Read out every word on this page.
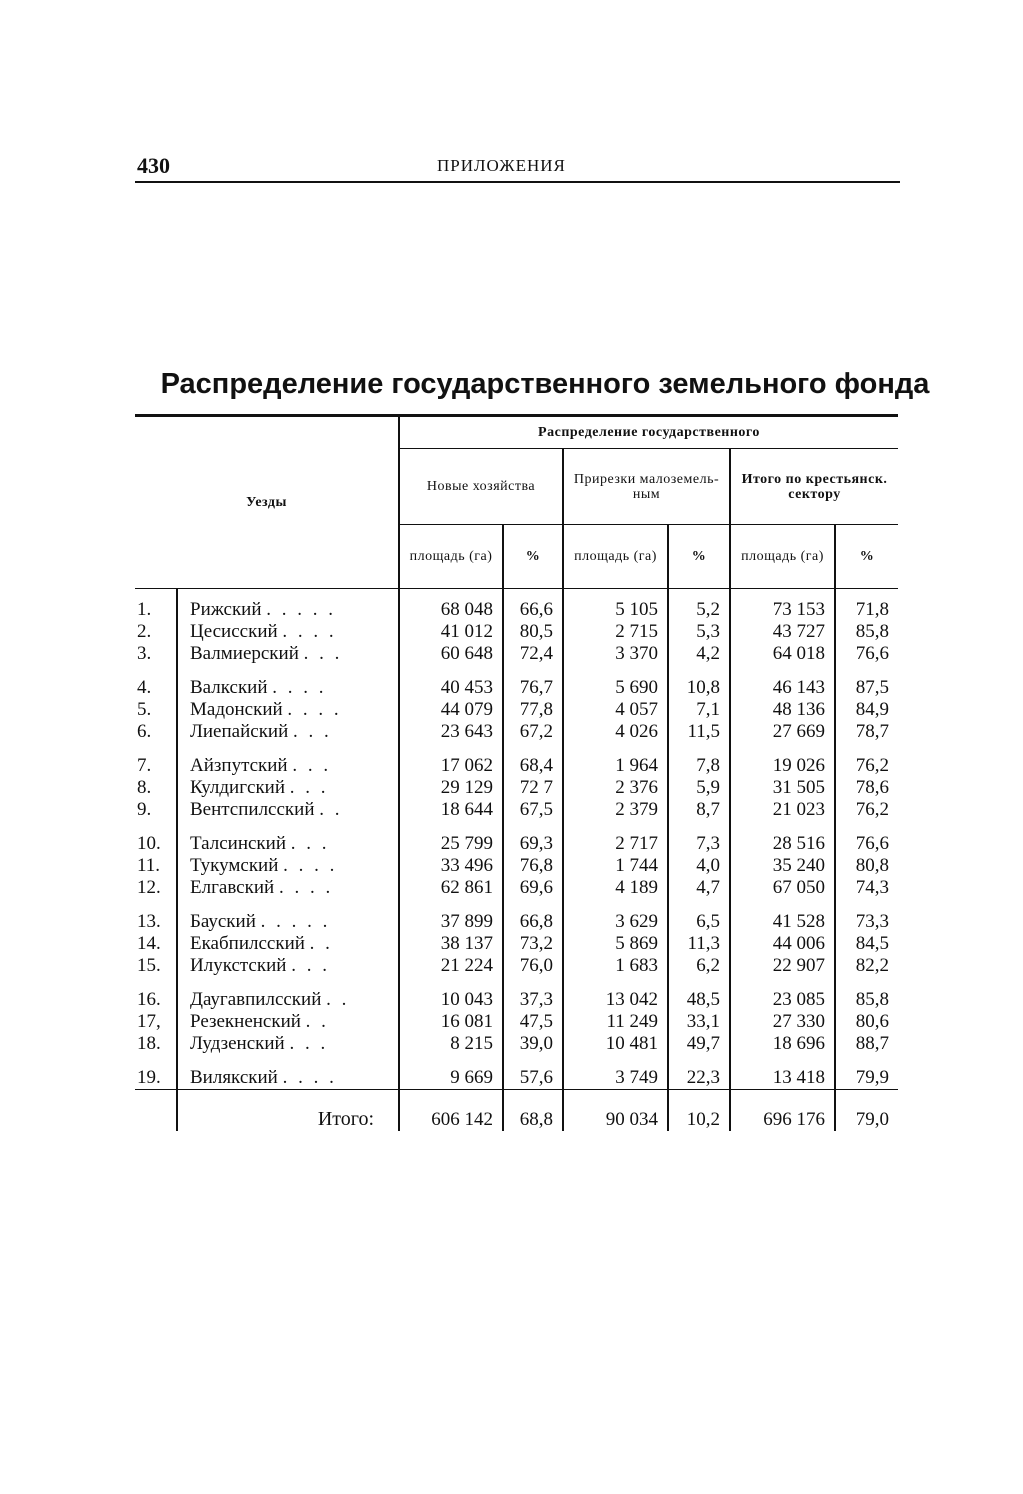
430	ПРИЛОЖЕНИЯ
Распределение государственного земельного фонда
Уезды		Распределение государственного					
		Новые хозяйства		Прирезки малоземель- ным		Итого по крестьянск. сектору	
		площадь (га)	%	площадь (га)	%	площадь (га)	%

1.	Рижский . . . . .	68 048	66,6	5 105	5,2	73 153	71,8
2.	Цесисский . . . .	41 012	80,5	2 715	5,3	43 727	85,8
3.	Валмиерский . . .	60 648	72,4	3 370	4,2	64 018	76,6
4.	Валкский . . . .	40 453	76,7	5 690	10,8	46 143	87,5
5.	Мадонский . . . .	44 079	77,8	4 057	7,1	48 136	84,9
6.	Лиепайский . . .	23 643	67,2	4 026	11,5	27 669	78,7
7.	Айзпутский . . .	17 062	68,4	1 964	7,8	19 026	76,2
8.	Кулдигский . . .	29 129	72 7	2 376	5,9	31 505	78,6
9.	Вентспилсский . .	18 644	67,5	2 379	8,7	21 023	76,2
10.	Талсинский . . .	25 799	69,3	2 717	7,3	28 516	76,6
11.	Тукумский . . . .	33 496	76,8	1 744	4,0	35 240	80,8
12.	Елгавский . . . .	62 861	69,6	4 189	4,7	67 050	74,3
13.	Бауский . . . . .	37 899	66,8	3 629	6,5	41 528	73,3
14.	Екабпилсский . .	38 137	73,2	5 869	11,3	44 006	84,5
15.	Илукстский . . .	21 224	76,0	1 683	6,2	22 907	82,2
16.	Даугавпилсский . .	10 043	37,3	13 042	48,5	23 085	85,8
17,	Резекненский . .	16 081	47,5	11 249	33,1	27 330	80,6
18.	Лудзенский . . .	8 215	39,0	10 481	49,7	18 696	88,7
19.	Вилякский . . . .	9 669	57,6	3 749	22,3	13 418	79,9
	Итого:	606 142	68,8	90 034	10,2	696 176	79,0
